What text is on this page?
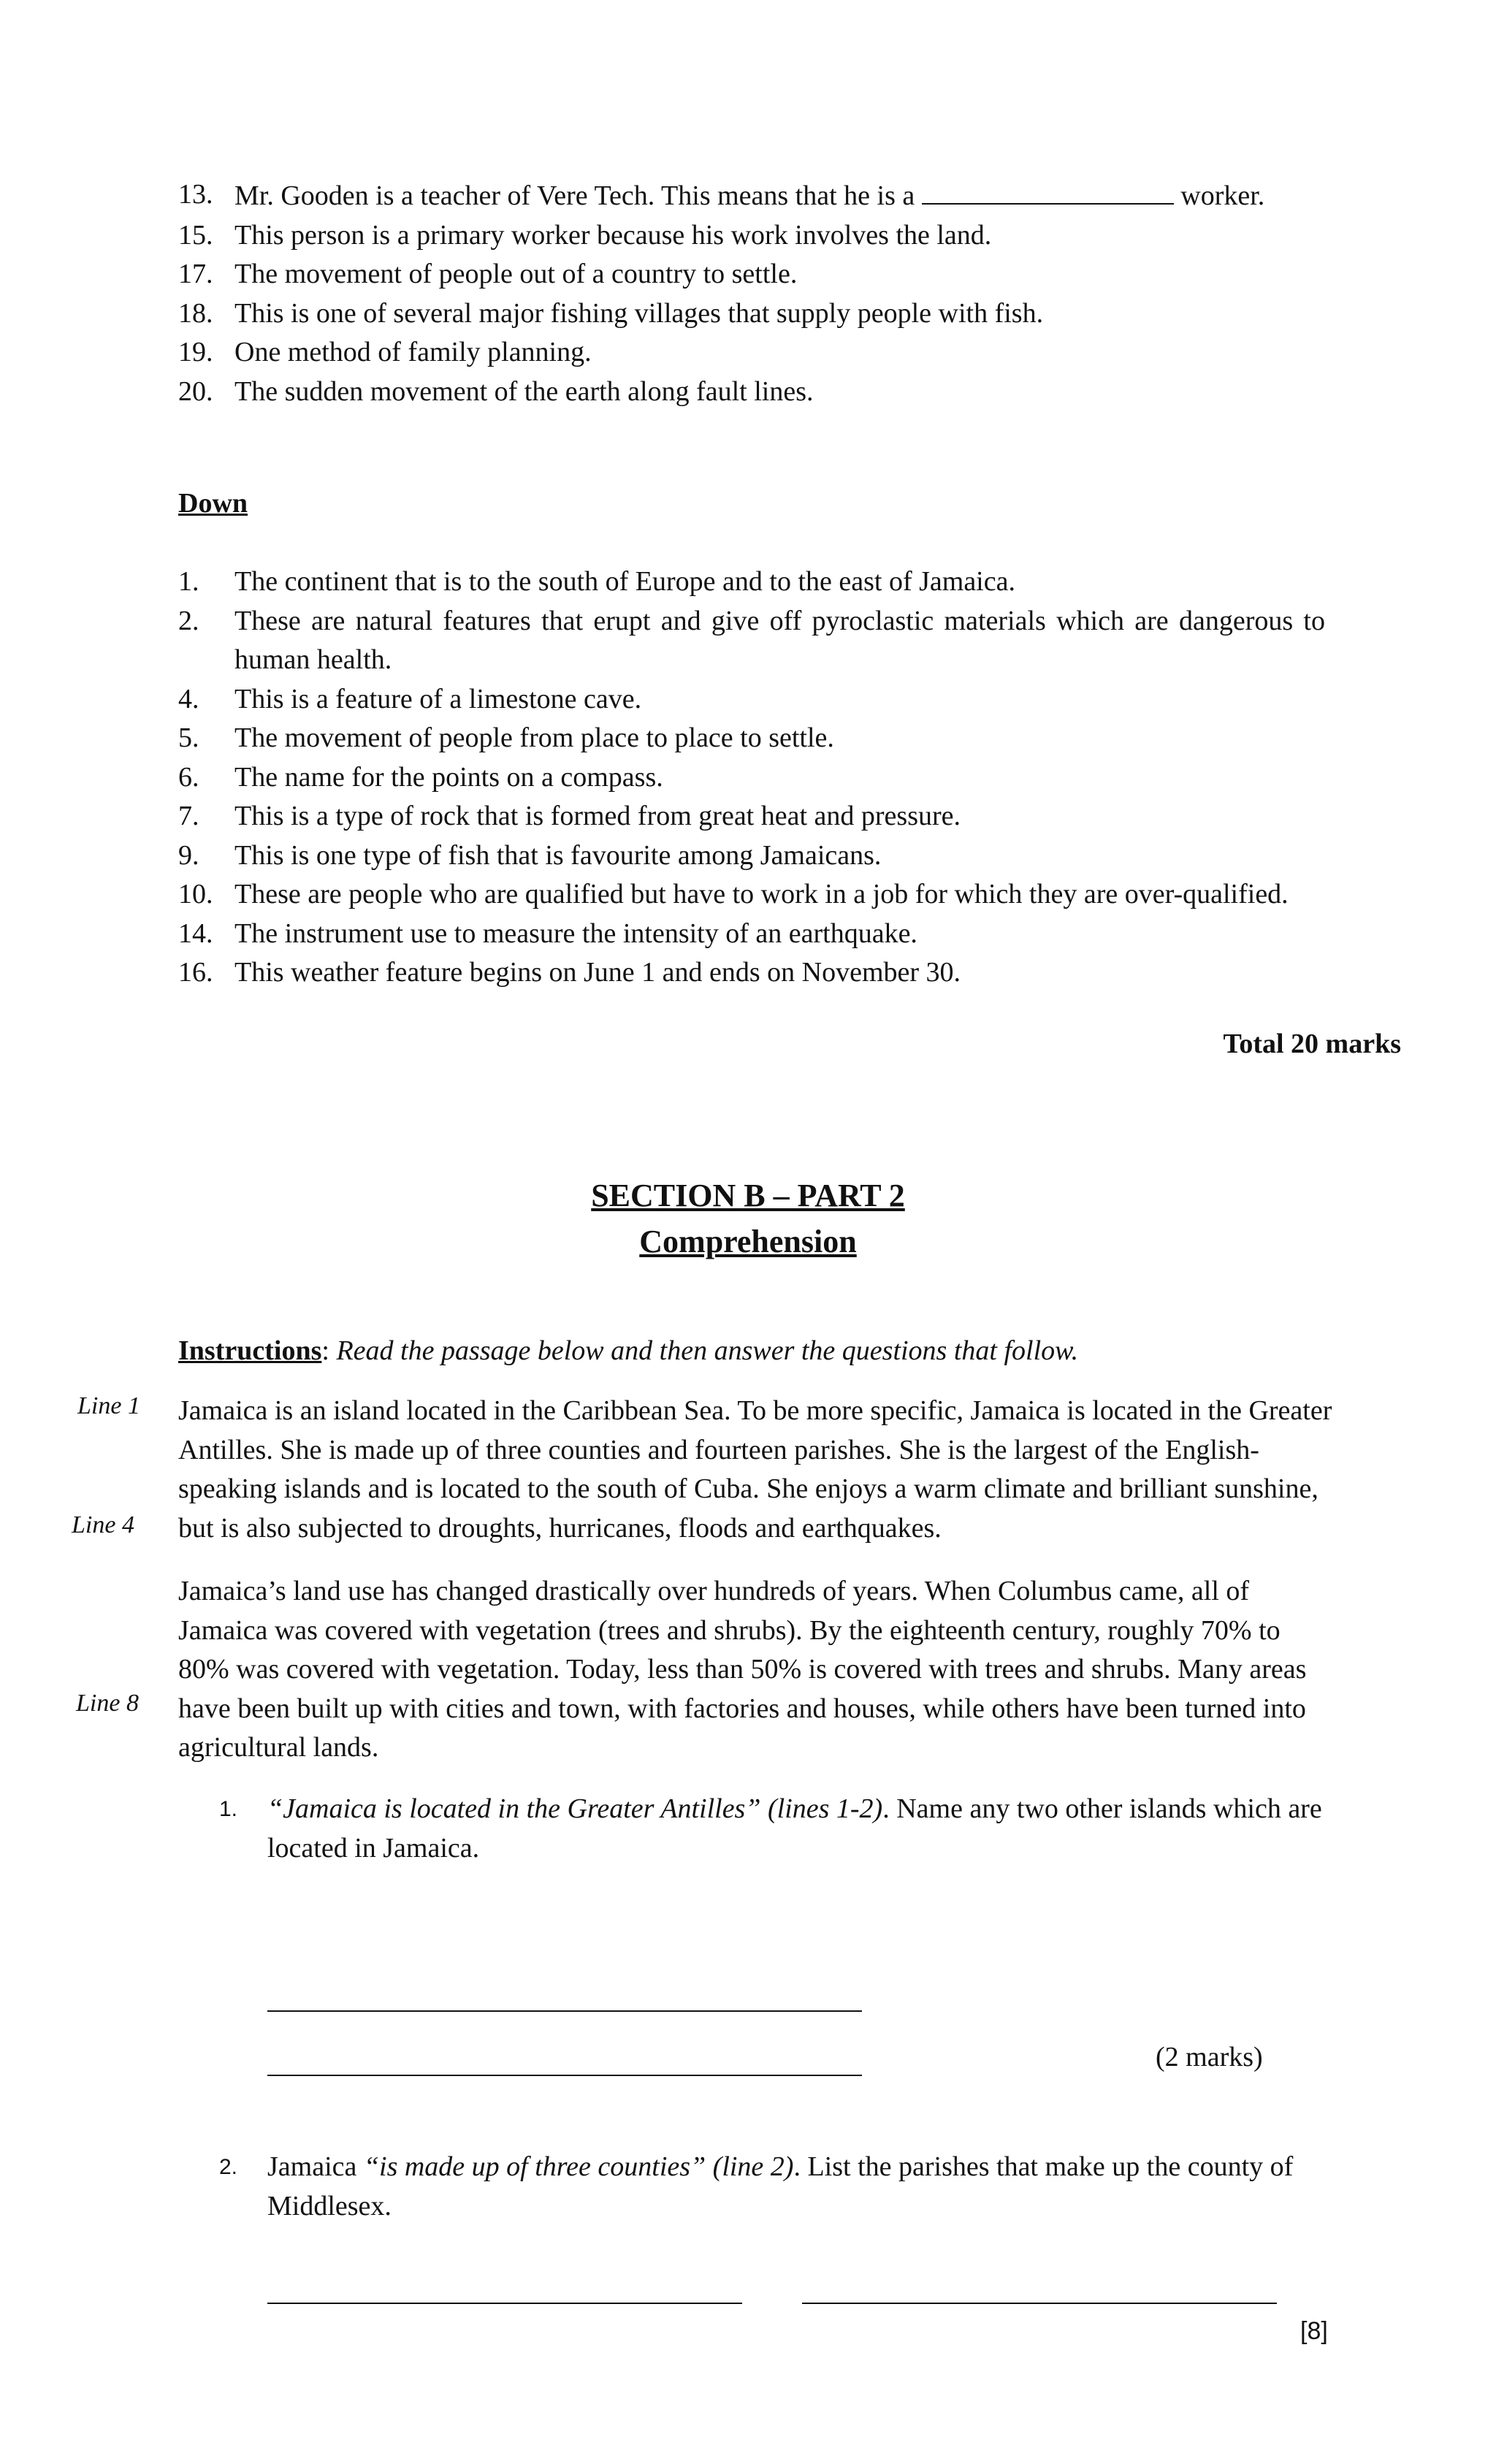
13. Mr. Gooden is a teacher of Vere Tech. This means that he is a	worker.
15. This person is a primary worker because his work involves the land.
17. The movement of people out of a country to settle.
18. This is one of several major fishing villages that supply people with fish.
19. One method of family planning.
20. The sudden movement of the earth along fault lines.
Down
1.	The continent that is to the south of Europe and to the east of Jamaica.
2.	These are natural features that erupt and give off pyroclastic materials which are dangerous to human health.
4.	This is a feature of a limestone cave.
5.	The movement of people from place to place to settle.
6.	The name for the points on a compass.
7.	This is a type of rock that is formed from great heat and pressure.
9.	This is one type of fish that is favourite among Jamaicans.
10. These are people who are qualified but have to work in a job for which they are over-qualified.
14. The instrument use to measure the intensity of an earthquake.
16. This weather feature begins on June 1 and ends on November 30.
Total 20 marks
SECTION B – PART 2
Comprehension
Instructions: Read the passage below and then answer the questions that follow.
Line 1
Line 4
Line 8
Jamaica is an island located in the Caribbean Sea. To be more specific, Jamaica is located in the Greater Antilles. She is made up of three counties and fourteen parishes. She is the largest of the English-speaking islands and is located to the south of Cuba. She enjoys a warm climate and brilliant sunshine, but is also subjected to droughts, hurricanes, floods and earthquakes.
Jamaica’s land use has changed drastically over hundreds of years. When Columbus came, all of Jamaica was covered with vegetation (trees and shrubs). By the eighteenth century, roughly 70% to 80% was covered with vegetation. Today, less than 50% is covered with trees and shrubs. Many areas have been built up with cities and town, with factories and houses, while others have been turned into agricultural lands.
1.	“Jamaica is located in the Greater Antilles” (lines 1-2). Name any two other islands which are located in Jamaica.
(2 marks)
2.	Jamaica “is made up of three counties” (line 2). List the parishes that make up the county of Middlesex.
[8]
